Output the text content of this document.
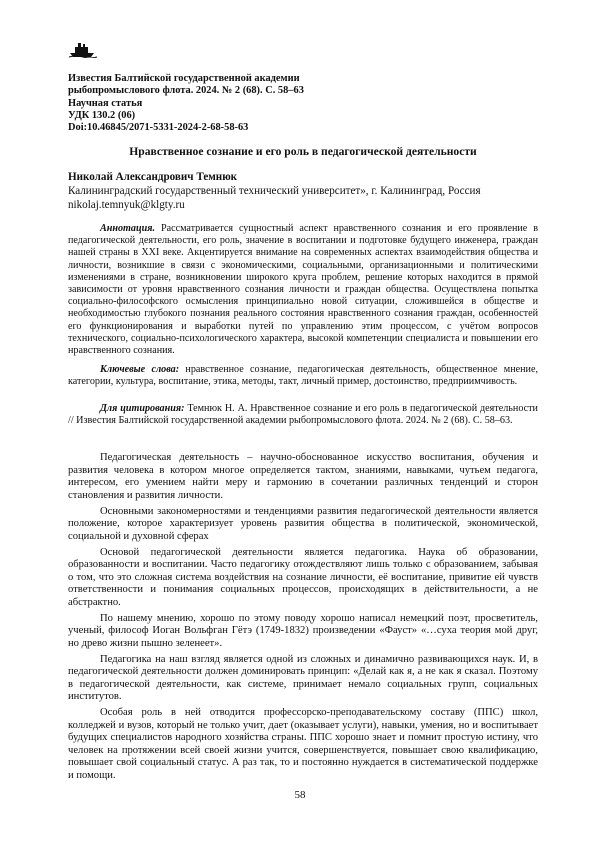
Известия Балтийской государственной академии
рыбопромыслового флота. 2024. № 2 (68). С. 58–63
Научная статья
УДК 130.2 (06)
Doi:10.46845/2071-5331-2024-2-68-58-63
Нравственное сознание и его роль в педагогической деятельности
Николай Александрович Темнюк
Калининградский государственный технический университет», г. Калининград, Россия
nikolaj.temnyuk@klgty.ru

Аннотация. Рассматривается сущностный аспект нравственного сознания и его проявление в педагогической деятельности, его роль, значение в воспитании и подготовке будущего инженера, граждан нашей страны в XXI веке. Акцентируется внимание на современных аспектах взаимодействия общества и личности, возникшие в связи с экономическими, социальными, организационными и политическими изменениями в стране, возникновении широкого круга проблем, решение которых находится в прямой зависимости от уровня нравственного сознания личности и граждан общества. Осуществлена попытка социально-философского осмысления принципиально новой ситуации, сложившейся в обществе и необходимостью глубокого познания реального состояния нравственного сознания граждан, особенностей его функционирования и выработки путей по управлению этим процессом, с учётом вопросов технического, социально-психологического характера, высокой компетенции специалиста и повышении его нравственного сознания.

Ключевые слова: нравственное сознание, педагогическая деятельность, общественное мнение, категории, культура, воспитание, этика, методы, такт, личный пример, достоинство, предприимчивость.

Для цитирования: Темнюк Н. А. Нравственное сознание и его роль в педагогической деятельности // Известия Балтийской государственной академии рыбопромыслового флота. 2024. № 2 (68). С. 58–63.

Педагогическая деятельность – научно-обоснованное искусство воспитания, обучения и развития человека в котором многое определяется тактом, знаниями, навыками, чутьем педагога, интересом, его умением найти меру и гармонию в сочетании различных тенденций и сторон становления и развития личности.

Основными закономерностями и тенденциями развития педагогической деятельности является положение, которое характеризует уровень развития общества в политической, экономической, социальной и духовной сферах

Основой педагогической деятельности является педагогика. Наука об образовании, образованности и воспитании. Часто педагогику отождествляют лишь только с образованием, забывая о том, что это сложная система воздействия на сознание личности, её воспитание, привитие ей чувств ответственности и понимания социальных процессов, происходящих в действительности, а не абстрактно.

По нашему мнению, хорошо по этому поводу хорошо написал немецкий поэт, просветитель, ученый, философ Иоган Вольфган Гётэ (1749-1832) произведении «Фауст» «…суха теория мой друг, но древо жизни пышно зеленеет».

Педагогика на наш взгляд является одной из сложных и динамично развивающихся наук. И, в педагогической деятельности должен доминировать принцип: «Делай как я, а не как я сказал. Поэтому в педагогической деятельности, как системе, принимает немало социальных групп, социальных институтов.

Особая роль в ней отводится профессорско-преподавательскому составу (ППС) школ, колледжей и вузов, который не только учит, дает (оказывает услуги), навыки, умения, но и воспитывает будущих специалистов народного хозяйства страны. ППС хорошо знает и помнит простую истину, что человек на протяжении всей своей жизни учится, совершенствуется, повышает свою квалификацию, повышает свой социальный статус. А раз так, то и постоянно нуждается в систематической поддержке и помощи.

58
